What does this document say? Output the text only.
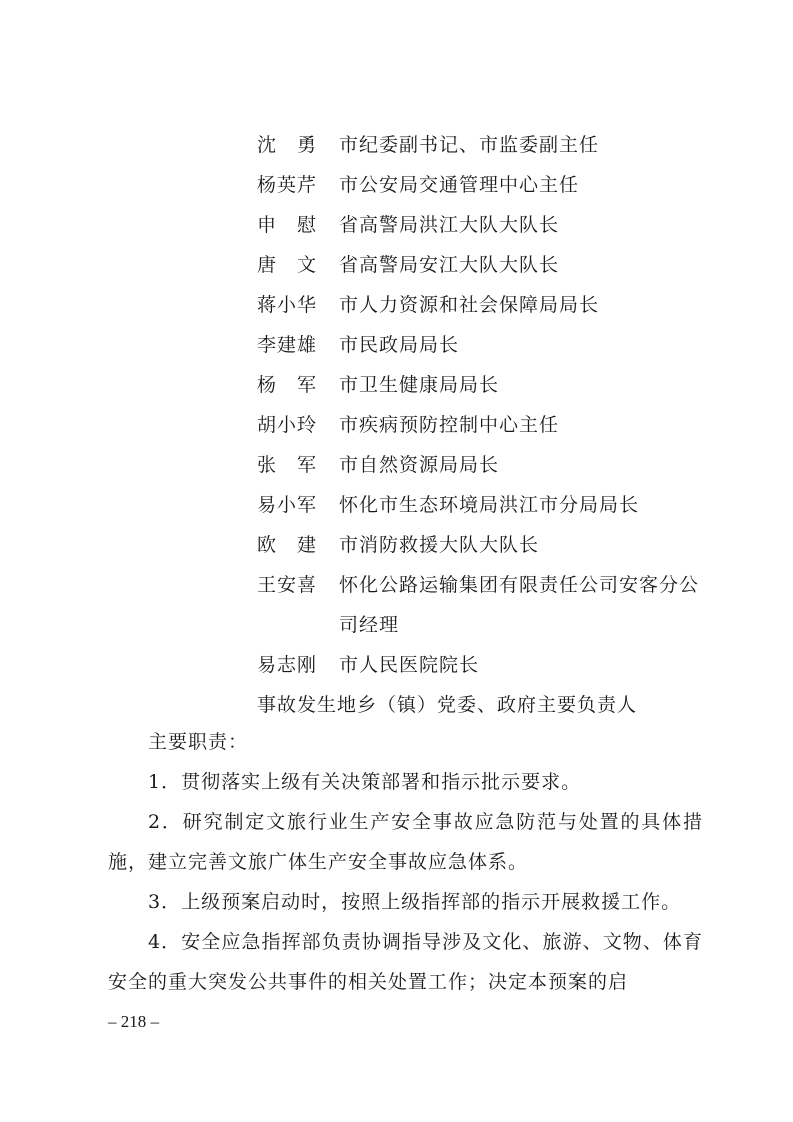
沈 勇 市纪委副书记、市监委副主任
杨英芹	市公安局交通管理中心主任
申 慰 省高警局洪江大队大队长
唐 文 省高警局安江大队大队长
蒋小华	市人力资源和社会保障局局长
李建雄	市民政局局长
杨 军 市卫生健康局局长
胡小玲	市疾病预防控制中心主任
张 军 市自然资源局局长
易小军	怀化市生态环境局洪江市分局局长
欧 建 市消防救援大队大队长
王安喜	怀化公路运输集团有限责任公司安客分公司经理
易志刚	市人民医院院长
事故发生地乡（镇）党委、政府主要负责人

主要职责：

1．贯彻落实上级有关决策部署和指示批示要求。

2．研究制定文旅行业生产安全事故应急防范与处置的具体措施，建立完善文旅广体生产安全事故应急体系。

3．上级预案启动时，按照上级指挥部的指示开展救援工作。

4．安全应急指挥部负责协调指导涉及文化、旅游、文物、体育安全的重大突发公共事件的相关处置工作；决定本预案的启

– 218 –
